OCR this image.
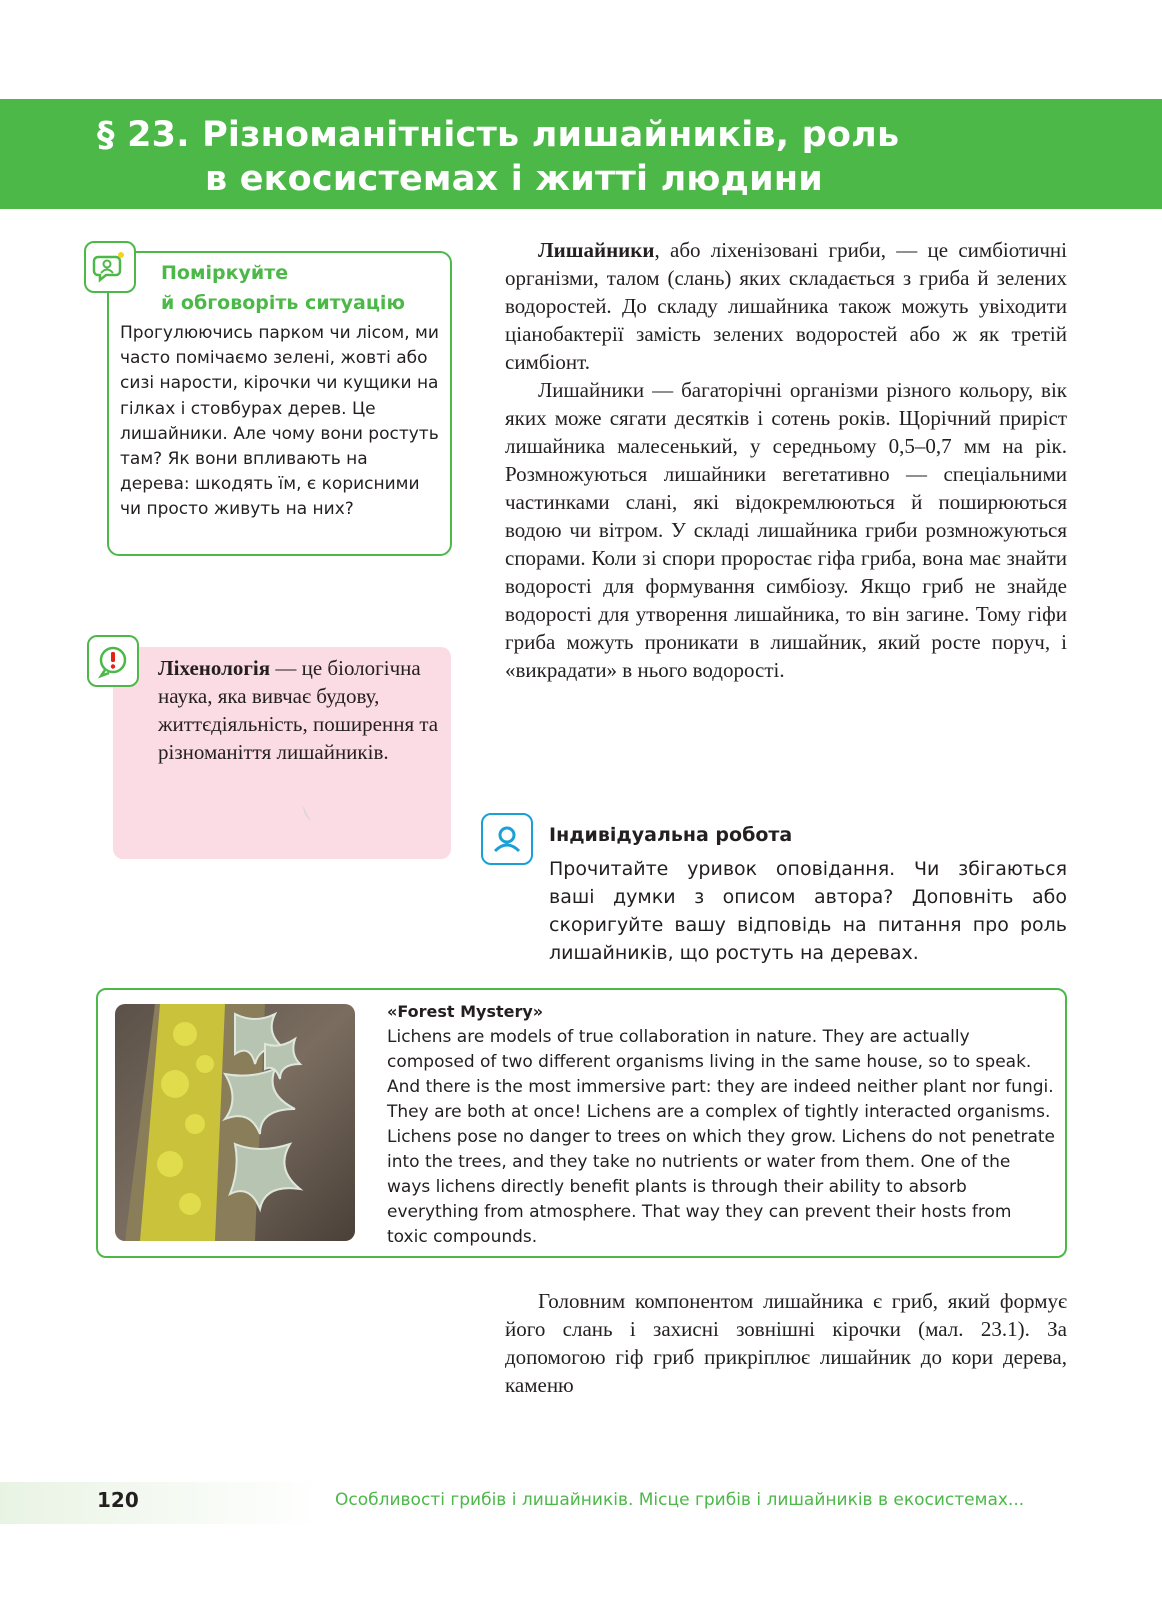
§ 23. Різноманітність лишайників, роль
в екосистемах і житті людини
Поміркуйте
й обговоріть ситуацію
Прогулюючись парком чи лісом, ми часто помічаємо зелені, жовті або сизі нарости, кірочки чи кущики на гілках і стовбурах дерев. Це лишайники. Але чому вони ростуть там? Як вони впливають на дерева: шкодять їм, є корисними чи просто живуть на них?
Ліхенологія — це біологічна наука, яка вивчає будову, життєдіяльність, поширення та різноманіття лишайників.

Лишайники, або ліхенізовані гриби, — це симбіотичні організми, талом (слань) яких складається з гриба й зелених водоростей. До складу лишайника також можуть увіходити ціанобактерії замість зелених водоростей або ж як третій симбіонт.

Лишайники — багаторічні організми різного кольору, вік яких може сягати десятків і сотень років. Щорічний приріст лишайника малесенький, у середньому 0,5–0,7 мм на рік. Розмножуються лишайники вегетативно — спеціальними частинками слані, які відокремлюються й поширюються водою чи вітром. У складі лишайника гриби розмножуються спорами. Коли зі спори проростає гіфа гриба, вона має знайти водорості для формування симбіозу. Якщо гриб не знайде водорості для утворення лишайника, то він загине. Тому гіфи гриба можуть проникати в лишайник, який росте поруч, і «викрадати» в нього водорості.

Індивідуальна робота
Прочитайте уривок оповідання. Чи збігаються ваші думки з описом автора? Доповніть або скоригуйте вашу відповідь на питання про роль лишайників, що ростуть на деревах.
«Forest Mystery»
Lichens are models of true collaboration in nature. They are actually composed of two different organisms living in the same house, so to speak. And there is the most immersive part: they are indeed neither plant nor fungi. They are both at once! Lichens are a complex of tightly interacted organisms. Lichens pose no danger to trees on which they grow. Lichens do not penetrate into the trees, and they take no nutrients or water from them. One of the ways lichens directly benefit plants is through their ability to absorb everything from atmosphere. That way they can prevent their hosts from toxic compounds.

Головним компонентом лишайника є гриб, який формує його слань і захисні зовнішні кірочки (мал. 23.1). За допомогою гіф гриб прикріплює лишайник до кори дерева, каменю

120	Особливості грибів і лишайників. Місце грибів і лишайників в екосистемах...
